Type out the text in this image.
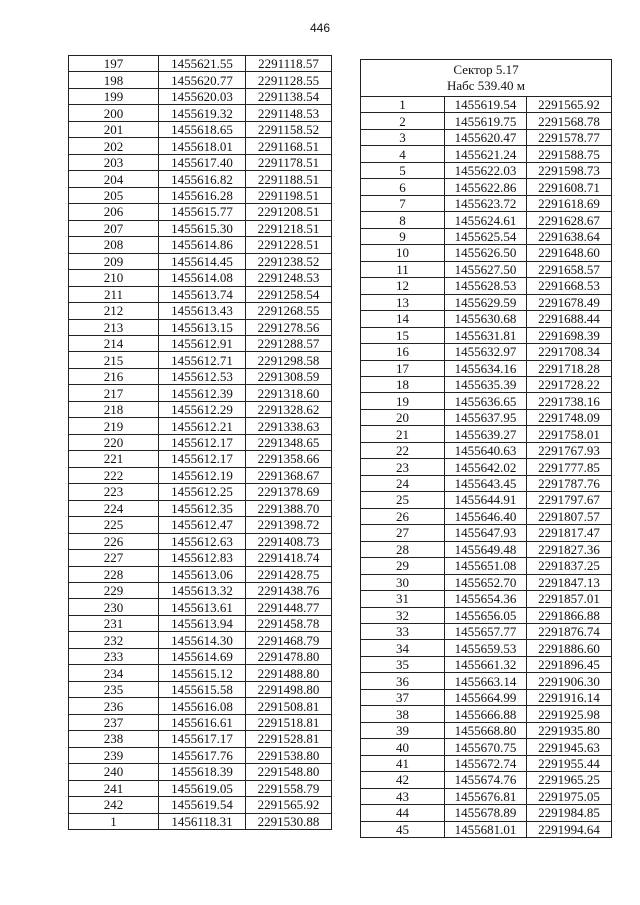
446
197	1455621.55	2291118.57
198	1455620.77	2291128.55
199	1455620.03	2291138.54
200	1455619.32	2291148.53
201	1455618.65	2291158.52
202	1455618.01	2291168.51
203	1455617.40	2291178.51
204	1455616.82	2291188.51
205	1455616.28	2291198.51
206	1455615.77	2291208.51
207	1455615.30	2291218.51
208	1455614.86	2291228.51
209	1455614.45	2291238.52
210	1455614.08	2291248.53
211	1455613.74	2291258.54
212	1455613.43	2291268.55
213	1455613.15	2291278.56
214	1455612.91	2291288.57
215	1455612.71	2291298.58
216	1455612.53	2291308.59
217	1455612.39	2291318.60
218	1455612.29	2291328.62
219	1455612.21	2291338.63
220	1455612.17	2291348.65
221	1455612.17	2291358.66
222	1455612.19	2291368.67
223	1455612.25	2291378.69
224	1455612.35	2291388.70
225	1455612.47	2291398.72
226	1455612.63	2291408.73
227	1455612.83	2291418.74
228	1455613.06	2291428.75
229	1455613.32	2291438.76
230	1455613.61	2291448.77
231	1455613.94	2291458.78
232	1455614.30	2291468.79
233	1455614.69	2291478.80
234	1455615.12	2291488.80
235	1455615.58	2291498.80
236	1455616.08	2291508.81
237	1455616.61	2291518.81
238	1455617.17	2291528.81
239	1455617.76	2291538.80
240	1455618.39	2291548.80
241	1455619.05	2291558.79
242	1455619.54	2291565.92
1	1456118.31	2291530.88
Сектор 5.17
Набс 539.40 м		

1	1455619.54	2291565.92
2	1455619.75	2291568.78
3	1455620.47	2291578.77
4	1455621.24	2291588.75
5	1455622.03	2291598.73
6	1455622.86	2291608.71
7	1455623.72	2291618.69
8	1455624.61	2291628.67
9	1455625.54	2291638.64
10	1455626.50	2291648.60
11	1455627.50	2291658.57
12	1455628.53	2291668.53
13	1455629.59	2291678.49
14	1455630.68	2291688.44
15	1455631.81	2291698.39
16	1455632.97	2291708.34
17	1455634.16	2291718.28
18	1455635.39	2291728.22
19	1455636.65	2291738.16
20	1455637.95	2291748.09
21	1455639.27	2291758.01
22	1455640.63	2291767.93
23	1455642.02	2291777.85
24	1455643.45	2291787.76
25	1455644.91	2291797.67
26	1455646.40	2291807.57
27	1455647.93	2291817.47
28	1455649.48	2291827.36
29	1455651.08	2291837.25
30	1455652.70	2291847.13
31	1455654.36	2291857.01
32	1455656.05	2291866.88
33	1455657.77	2291876.74
34	1455659.53	2291886.60
35	1455661.32	2291896.45
36	1455663.14	2291906.30
37	1455664.99	2291916.14
38	1455666.88	2291925.98
39	1455668.80	2291935.80
40	1455670.75	2291945.63
41	1455672.74	2291955.44
42	1455674.76	2291965.25
43	1455676.81	2291975.05
44	1455678.89	2291984.85
45	1455681.01	2291994.64
